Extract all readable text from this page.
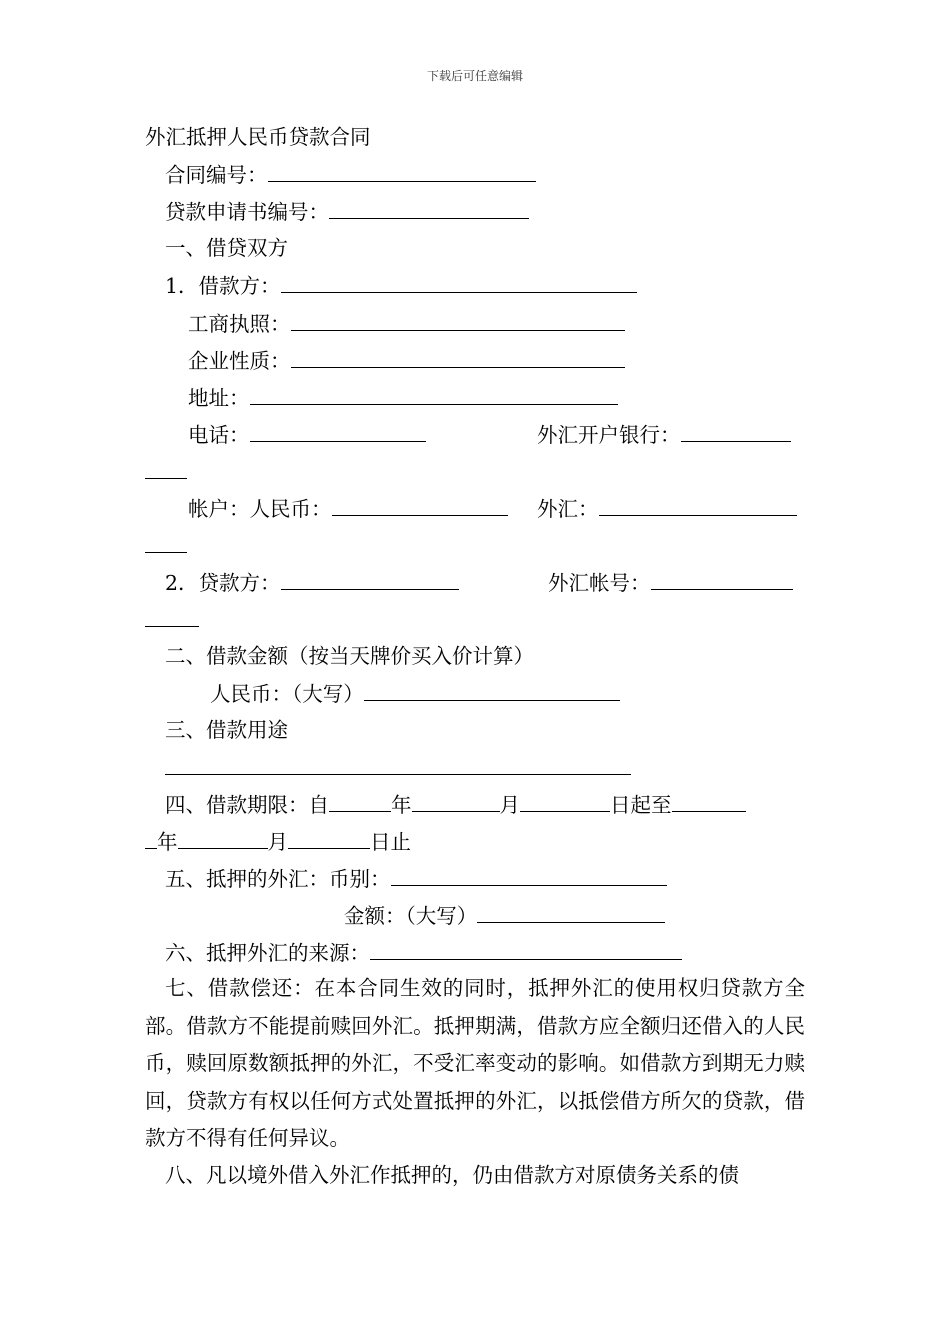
下载后可任意编辑
外汇抵押人民币贷款合同
合同编号：
贷款申请书编号：
一、借贷双方
1．借款方：
工商执照：
企业性质：
地址：
电话：	外汇开户银行：
帐户：人民币：	外汇：
2．贷款方：	外汇帐号：
二、借款金额（按当天牌价买入价计算）
人民币：（大写）
三、借款用途
四、借款期限：自	年	月	日起至
年	月	日止
五、抵押的外汇：币别：
金额：（大写）
六、抵押外汇的来源：
七、借款偿还：在本合同生效的同时，抵押外汇的使用权归贷款方全部。借款方不能提前赎回外汇。抵押期满，借款方应全额归还借入的人民币，赎回原数额抵押的外汇，不受汇率变动的影响。如借款方到期无力赎回，贷款方有权以任何方式处置抵押的外汇，以抵偿借方所欠的贷款，借款方不得有任何异议。
八、凡以境外借入外汇作抵押的，仍由借款方对原债务关系的债
